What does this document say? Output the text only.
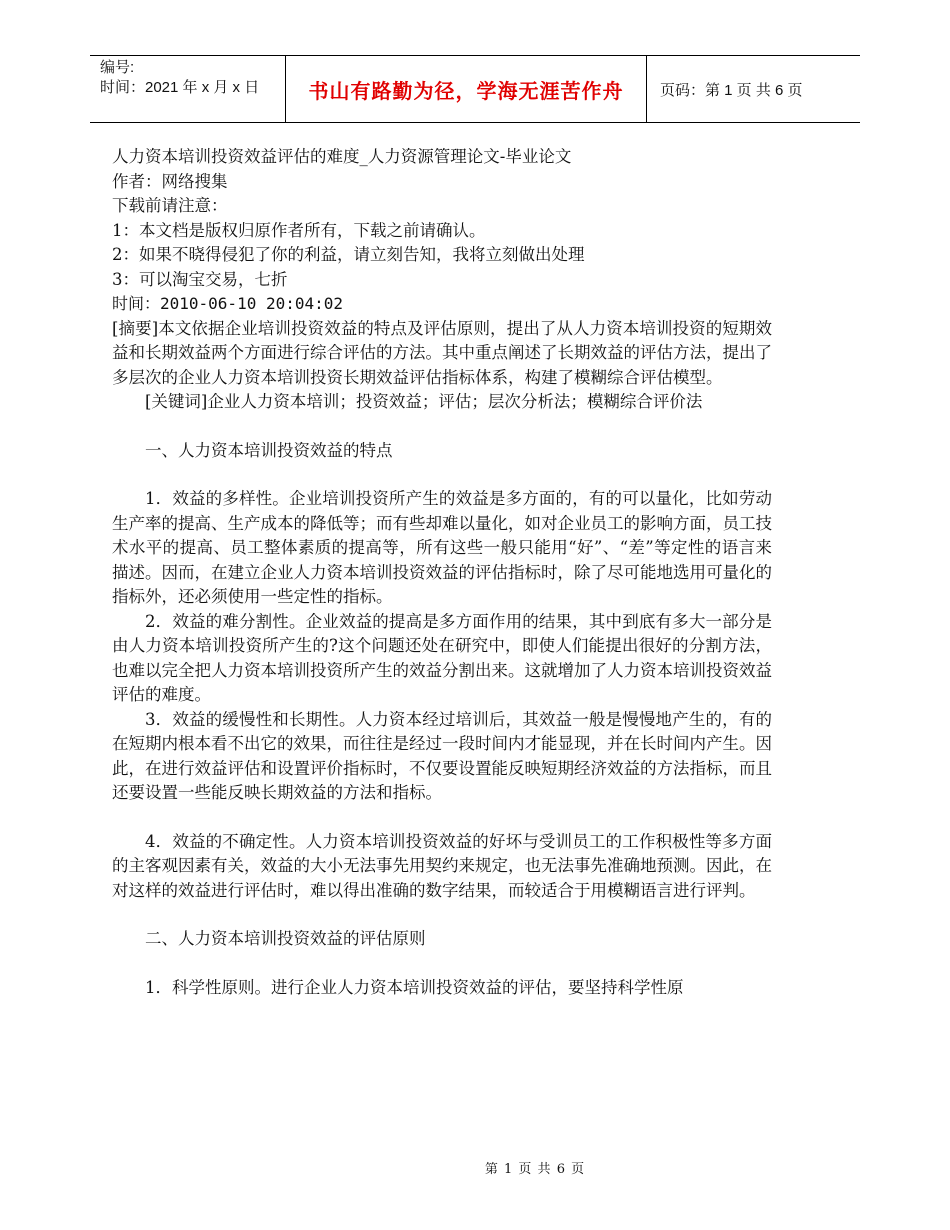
编号:
时间：2021 年 x 月 x 日	书山有路勤为径，学海无涯苦作舟	页码：第 1 页 共 6 页
人力资本培训投资效益评估的难度_人力资源管理论文-毕业论文
作者：网络搜集
下载前请注意：
1：本文档是版权归原作者所有，下载之前请确认。
2：如果不晓得侵犯了你的利益，请立刻告知，我将立刻做出处理
3：可以淘宝交易，七折
时间：2010-06-10 20:04:02
[摘要]本文依据企业培训投资效益的特点及评估原则，提出了从人力资本培训投资的短期效益和长期效益两个方面进行综合评估的方法。其中重点阐述了长期效益的评估方法，提出了多层次的企业人力资本培训投资长期效益评估指标体系，构建了模糊综合评估模型。
[关键词]企业人力资本培训；投资效益；评估；层次分析法；模糊综合评价法
一、人力资本培训投资效益的特点
1．效益的多样性。企业培训投资所产生的效益是多方面的，有的可以量化，比如劳动生产率的提高、生产成本的降低等；而有些却难以量化，如对企业员工的影响方面，员工技术水平的提高、员工整体素质的提高等，所有这些一般只能用“好”、“差”等定性的语言来描述。因而，在建立企业人力资本培训投资效益的评估指标时，除了尽可能地选用可量化的指标外，还必须使用一些定性的指标。
2．效益的难分割性。企业效益的提高是多方面作用的结果，其中到底有多大一部分是由人力资本培训投资所产生的?这个问题还处在研究中，即使人们能提出很好的分割方法，也难以完全把人力资本培训投资所产生的效益分割出来。这就增加了人力资本培训投资效益评估的难度。
3．效益的缓慢性和长期性。人力资本经过培训后，其效益一般是慢慢地产生的，有的在短期内根本看不出它的效果，而往往是经过一段时间内才能显现，并在长时间内产生。因此，在进行效益评估和设置评价指标时，不仅要设置能反映短期经济效益的方法指标，而且还要设置一些能反映长期效益的方法和指标。
4．效益的不确定性。人力资本培训投资效益的好坏与受训员工的工作积极性等多方面的主客观因素有关，效益的大小无法事先用契约来规定，也无法事先准确地预测。因此，在对这样的效益进行评估时，难以得出准确的数字结果，而较适合于用模糊语言进行评判。
二、人力资本培训投资效益的评估原则
1．科学性原则。进行企业人力资本培训投资效益的评估，要坚持科学性原
第 1 页 共 6 页
